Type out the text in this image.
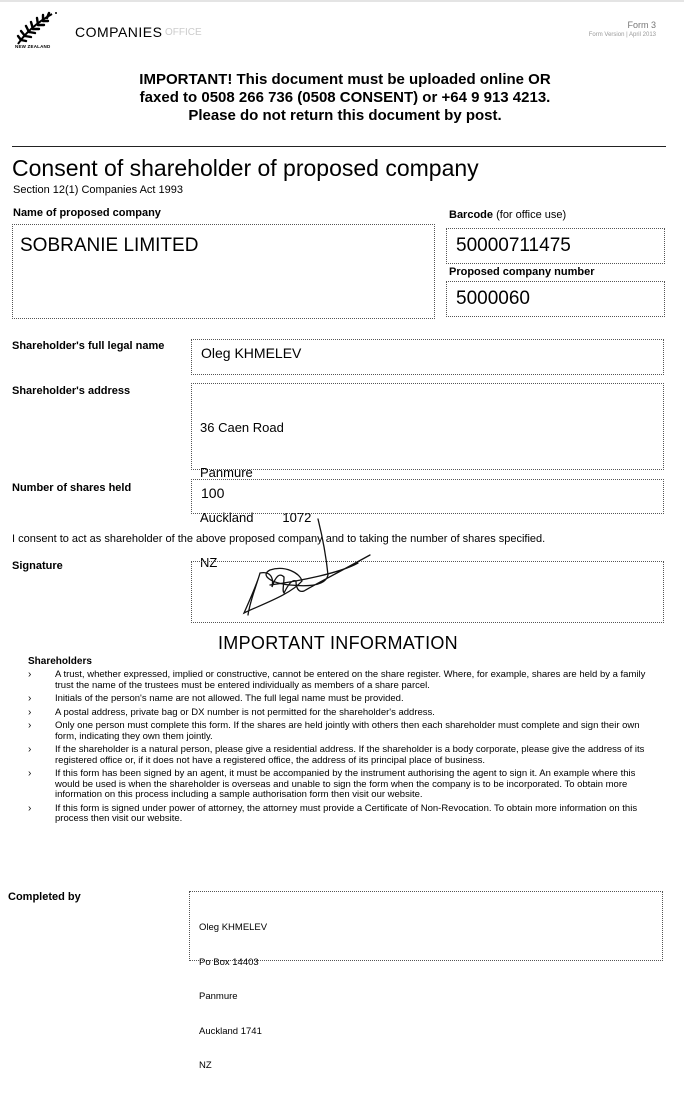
NEW ZEALAND
COMPANIES OFFICE
Form 3
Form Version | April 2013
IMPORTANT! This document must be uploaded online OR
faxed to 0508 266 736 (0508 CONSENT) or +64 9 913 4213.
Please do not return this document by post.
Consent of shareholder of proposed company
Section 12(1) Companies Act 1993
Name of proposed company
SOBRANIE LIMITED
Barcode (for office use)
50000711475
Proposed company number
5000060
Shareholder's full legal name	Oleg KHMELEV
Shareholder's address

36 Caen Road

Panmure

Auckland        1072

NZ

Number of shares held	100
I consent to act as shareholder of the above proposed company and to taking the number of shares specified.
Signature
IMPORTANT INFORMATION
Shareholders
›	A trust, whether expressed, implied or constructive, cannot be entered on the share register. Where, for example, shares are held by a family trust the name of the trustees must be entered individually as members of a share parcel.
›	Initials of the person's name are not allowed. The full legal name must be provided.
›	A postal address, private bag or DX number is not permitted for the shareholder's address.
›	Only one person must complete this form. If the shares are held jointly with others then each shareholder must complete and sign their own form, indicating they own them jointly.
›	If the shareholder is a natural person, please give a residential address. If the shareholder is a body corporate, please give the address of its registered office or, if it does not have a registered office, the address of its principal place of business.
›	If this form has been signed by an agent, it must be accompanied by the instrument authorising the agent to sign it. An example where this would be used is when the shareholder is overseas and unable to sign the form when the company is to be incorporated. To obtain more information on this process including a sample authorisation form then visit our website.
›	If this form is signed under power of attorney, the attorney must provide a Certificate of Non-Revocation. To obtain more information on this process then visit our website.
Completed by

Oleg KHMELEV

Po Box 14403

Panmure

Auckland 1741

NZ
